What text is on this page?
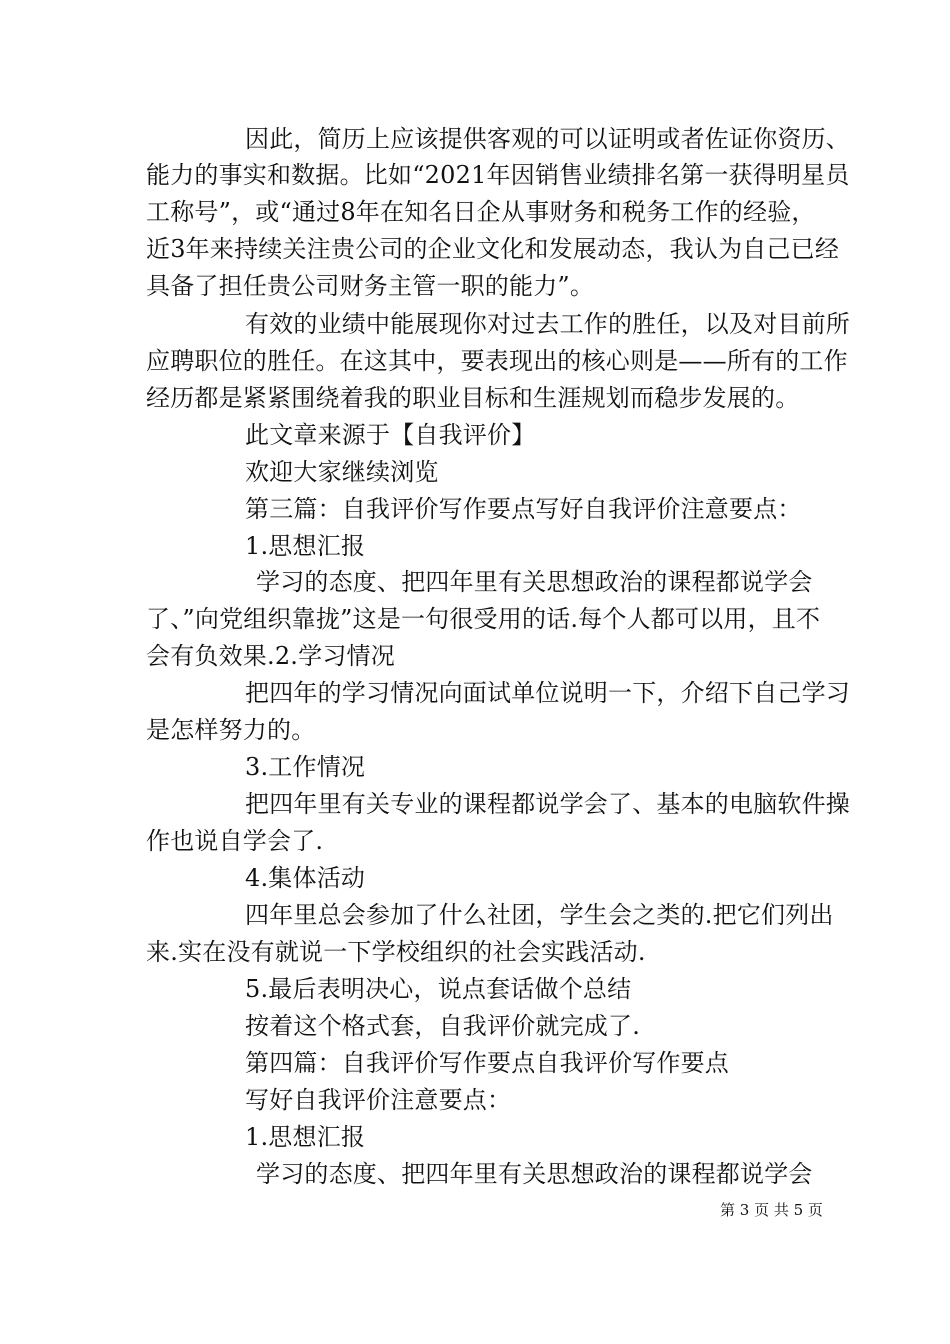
因此，简历上应该提供客观的可以证明或者佐证你资历、
能力的事实和数据。比如“2021年因销售业绩排名第一获得明星员
工称号”，或“通过8年在知名日企从事财务和税务工作的经验，
近3年来持续关注贵公司的企业文化和发展动态，我认为自己已经
具备了担任贵公司财务主管一职的能力”。
有效的业绩中能展现你对过去工作的胜任，以及对目前所
应聘职位的胜任。在这其中，要表现出的核心则是——所有的工作
经历都是紧紧围绕着我的职业目标和生涯规划而稳步发展的。
此文章来源于【自我评价】
欢迎大家继续浏览
第三篇：自我评价写作要点写好自我评价注意要点：
1.思想汇报
学习的态度、把四年里有关思想政治的课程都说学会
了、”向党组织靠拢”这是一句很受用的话.每个人都可以用，且不
会有负效果.2.学习情况
把四年的学习情况向面试单位说明一下，介绍下自己学习
是怎样努力的。
3.工作情况
把四年里有关专业的课程都说学会了、基本的电脑软件操
作也说自学会了.
4.集体活动
四年里总会参加了什么社团，学生会之类的.把它们列出
来.实在没有就说一下学校组织的社会实践活动.
5.最后表明决心，说点套话做个总结
按着这个格式套，自我评价就完成了.
第四篇：自我评价写作要点自我评价写作要点
写好自我评价注意要点：
1.思想汇报
学习的态度、把四年里有关思想政治的课程都说学会
第 3 页 共 5 页
